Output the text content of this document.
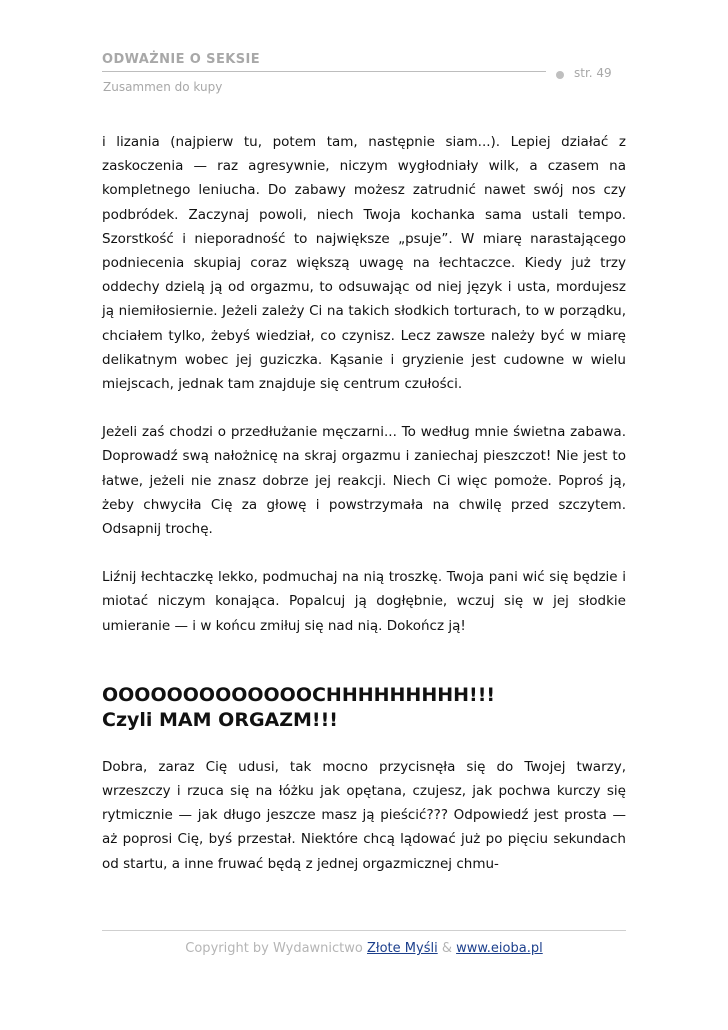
ODWAŻNIE O SEKSIE
str. 49
Zusammen do kupy

i lizania (najpierw tu, potem tam, następnie siam...). Lepiej działać z zaskoczenia — raz agresywnie, niczym wygłodniały wilk, a czasem na kompletnego leniucha. Do zabawy możesz zatrudnić nawet swój nos czy podbródek. Zaczynaj powoli, niech Twoja kochanka sama ustali tempo. Szorstkość i nieporadność to największe „psuje”. W miarę narastającego podniecenia skupiaj coraz większą uwagę na łechtaczce. Kiedy już trzy oddechy dzielą ją od orgazmu, to odsuwając od niej język i usta, mordujesz ją niemiłosiernie. Jeżeli zależy Ci na takich słodkich torturach, to w porządku, chciałem tylko, żebyś wiedział, co czynisz. Lecz zawsze należy być w miarę delikatnym wobec jej guziczka. Kąsanie i gryzienie jest cudowne w wielu miejscach, jednak tam znajduje się centrum czułości.

Jeżeli zaś chodzi o przedłużanie męczarni... To według mnie świetna zabawa. Doprowadź swą nałożnicę na skraj orgazmu i zaniechaj pieszczot! Nie jest to łatwe, jeżeli nie znasz dobrze jej reakcji. Niech Ci więc pomoże. Poproś ją, żeby chwyciła Cię za głowę i powstrzymała na chwilę przed szczytem. Odsapnij trochę.

Liźnij łechtaczkę lekko, podmuchaj na nią troszkę. Twoja pani wić się będzie i miotać niczym konająca. Popalcuj ją dogłębnie, wczuj się w jej słodkie umieranie — i w końcu zmiłuj się nad nią. Dokończ ją!

OOOOOOOOOOOOOCHHHHHHHHH!!!
Czyli MAM ORGAZM!!!

Dobra, zaraz Cię udusi, tak mocno przycisnęła się do Twojej twarzy, wrzeszczy i rzuca się na łóżku jak opętana, czujesz, jak pochwa kurczy się rytmicznie — jak długo jeszcze masz ją pieścić??? Odpowiedź jest prosta — aż poprosi Cię, byś przestał. Niektóre chcą lądować już po pięciu sekundach od startu, a inne fruwać będą z jednej orgazmicznej chmu-

Copyright by Wydawnictwo Złote Myśli & www.eioba.pl
